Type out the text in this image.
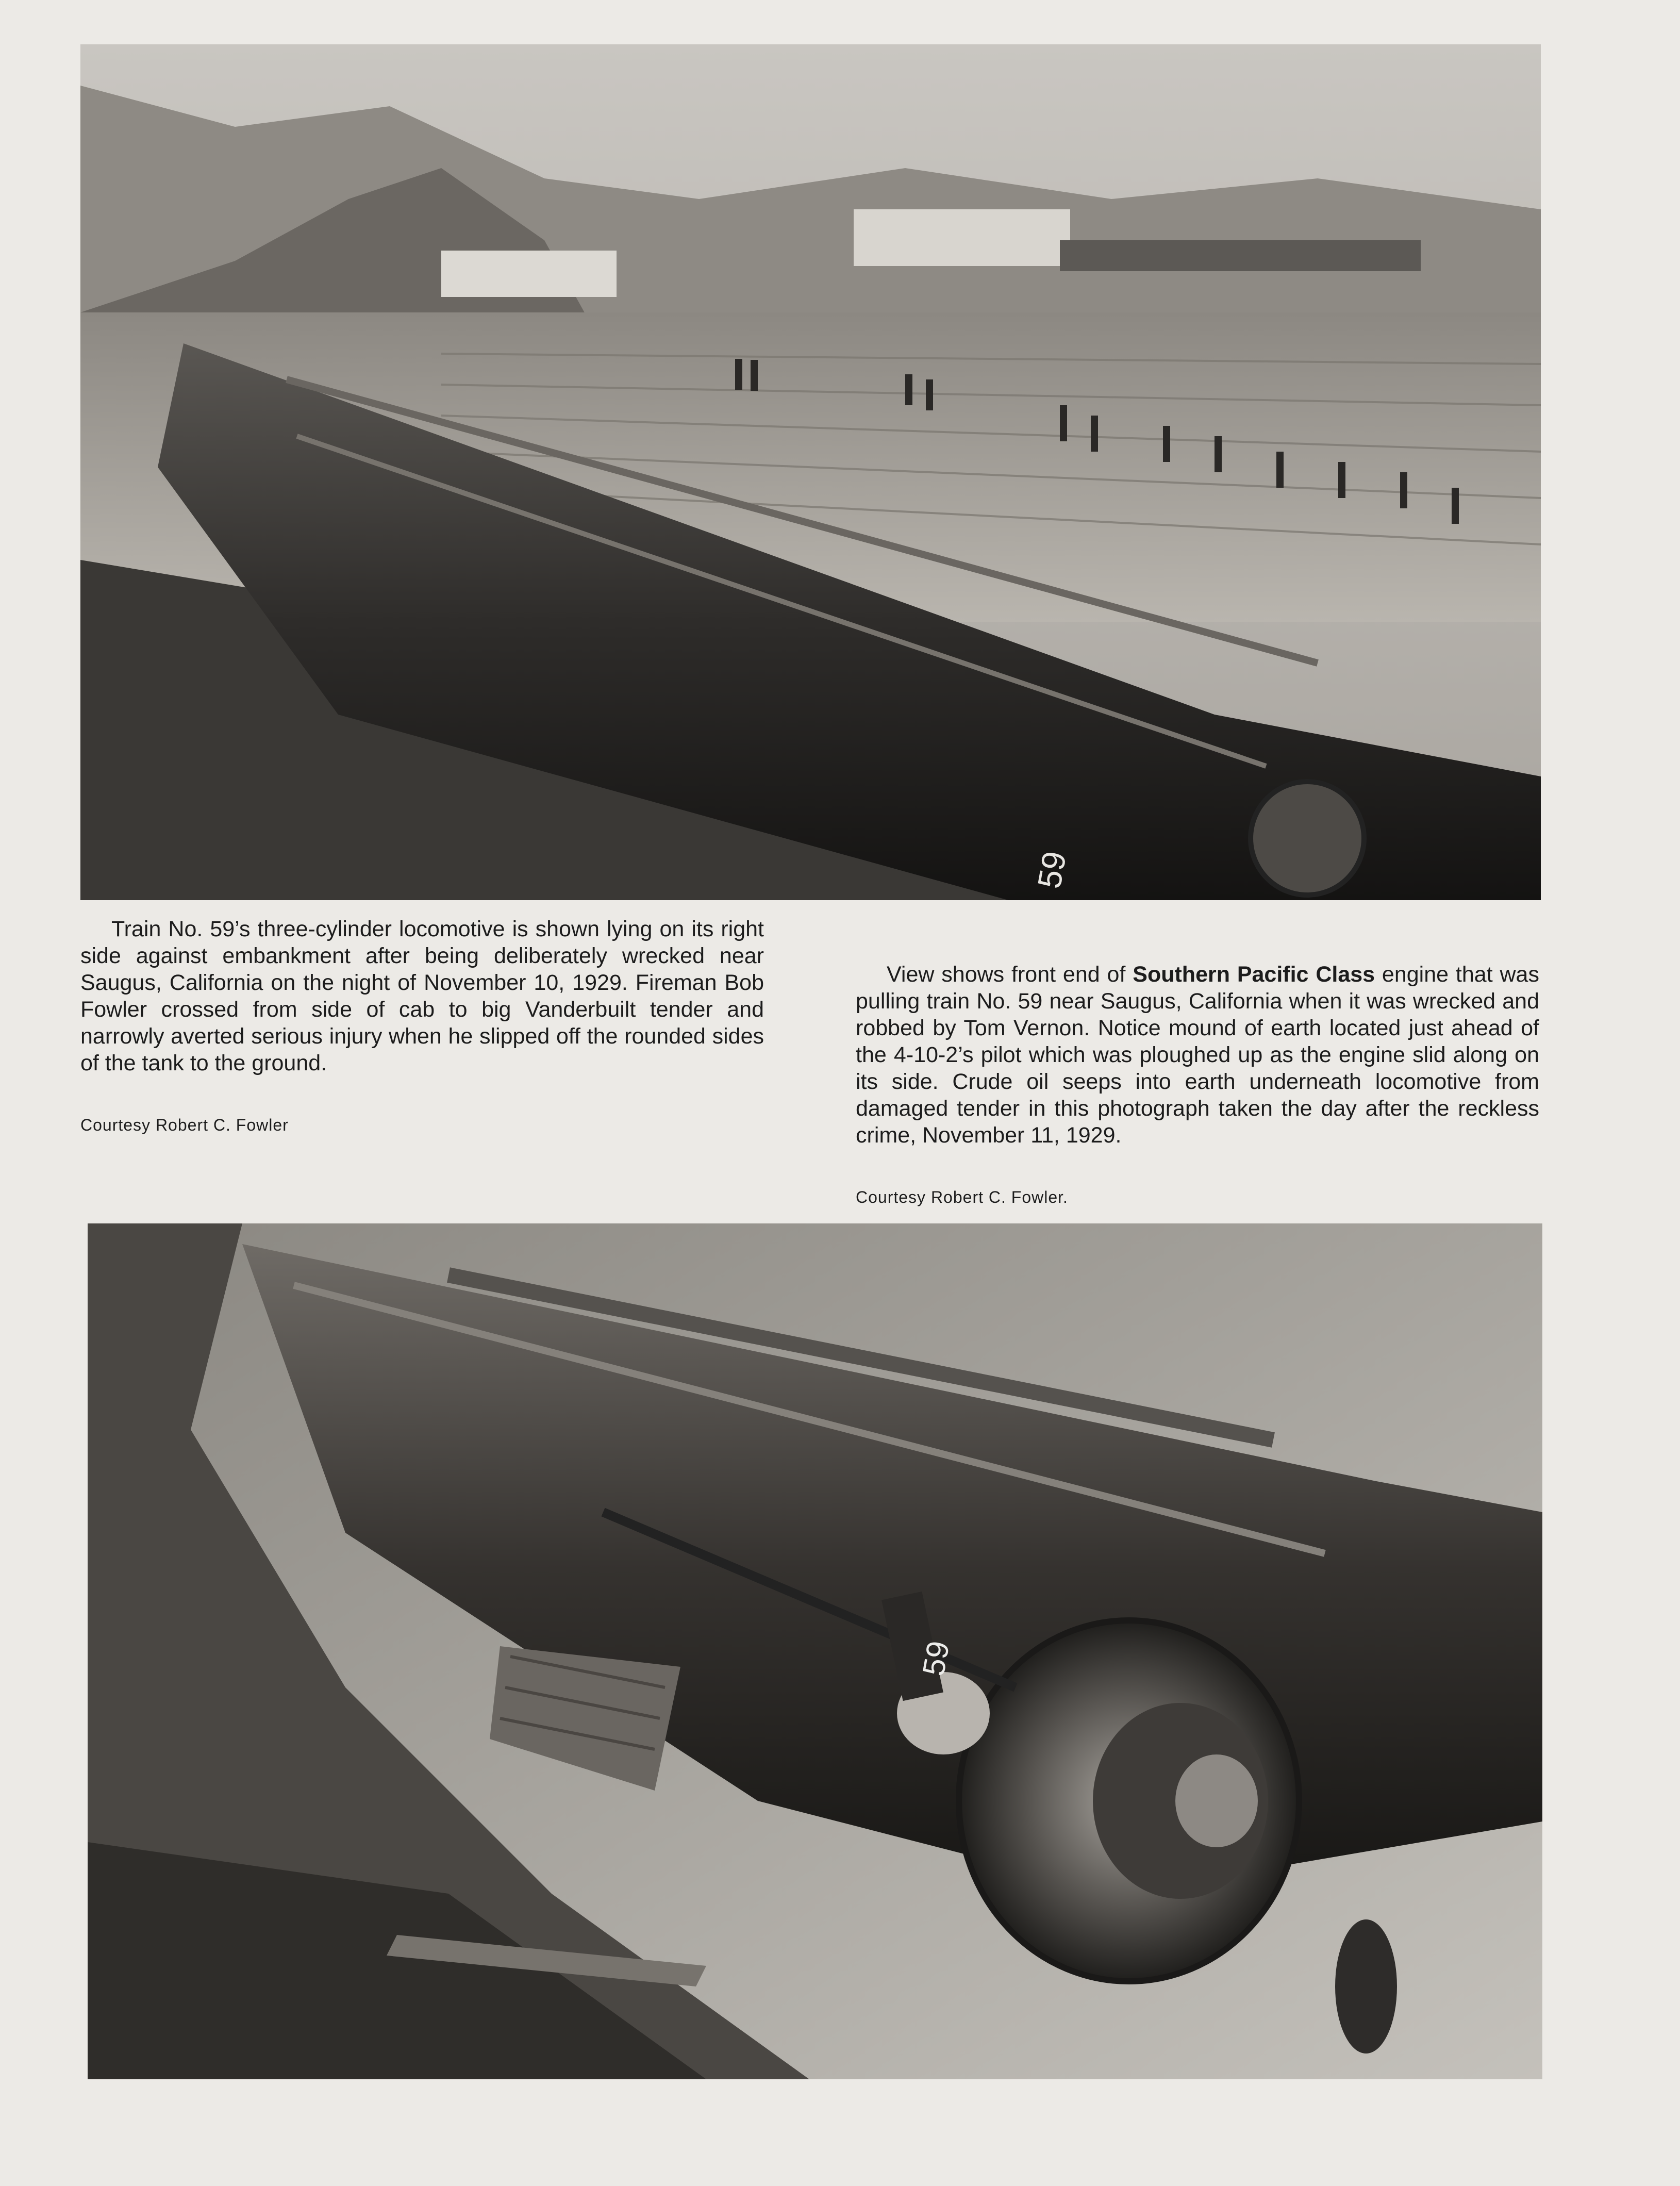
59

Train No. 59’s three-cylinder locomotive is shown lying on its right side against embankment after being deliberately wrecked near Saugus, California on the night of November 10, 1929. Fireman Bob Fowler crossed from side of cab to big Vanderbuilt tender and narrowly averted serious injury when he slipped off the rounded sides of the tank to the ground.

Courtesy Robert C. Fowler

View shows front end of Southern Pacific Class engine that was pulling train No. 59 near Saugus, California when it was wrecked and robbed by Tom Vernon. Notice mound of earth located just ahead of the 4-10-2’s pilot which was ploughed up as the engine slid along on its side. Crude oil seeps into earth underneath locomotive from damaged tender in this photograph taken the day after the reckless crime, November 11, 1929.

Courtesy Robert C. Fowler.
59
